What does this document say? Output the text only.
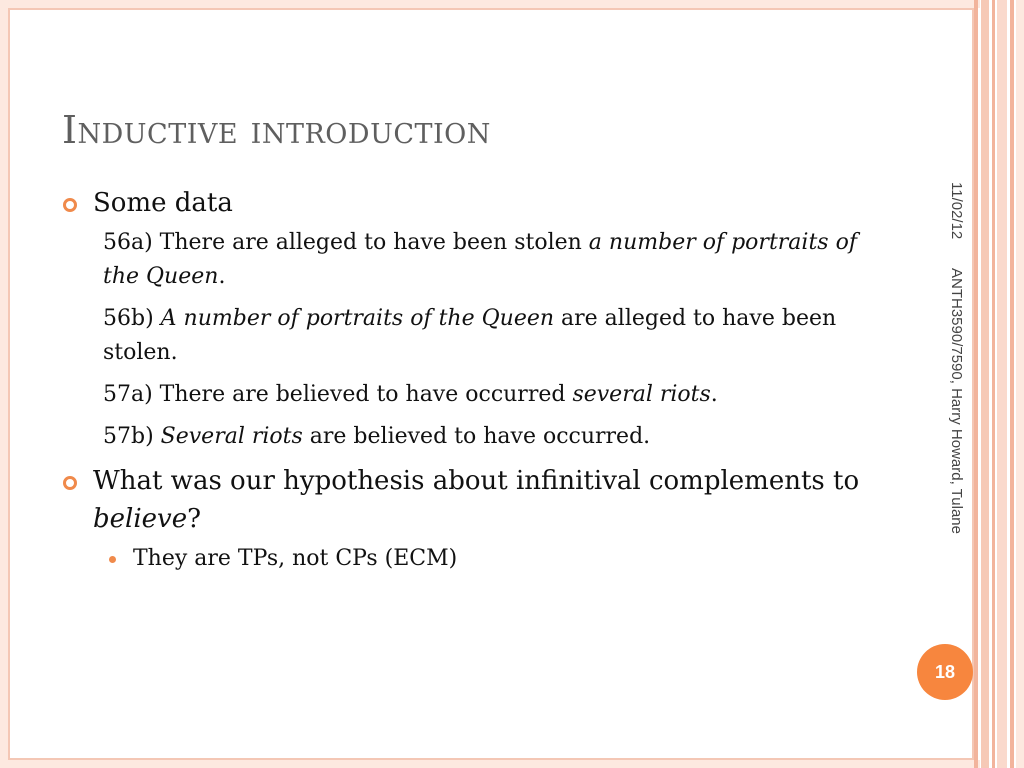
Inductive introduction
Some data

56a) There are alleged to have been stolen a number of portraits of the Queen.

56b) A number of portraits of the Queen are alleged to have been stolen.

57a) There are believed to have occurred several riots.

57b) Several riots are believed to have occurred.

What was our hypothesis about infinitival complements to believe?
They are TPs, not CPs (ECM)
11/02/12
ANTH3590/7590, Harry Howard, Tulane
18
